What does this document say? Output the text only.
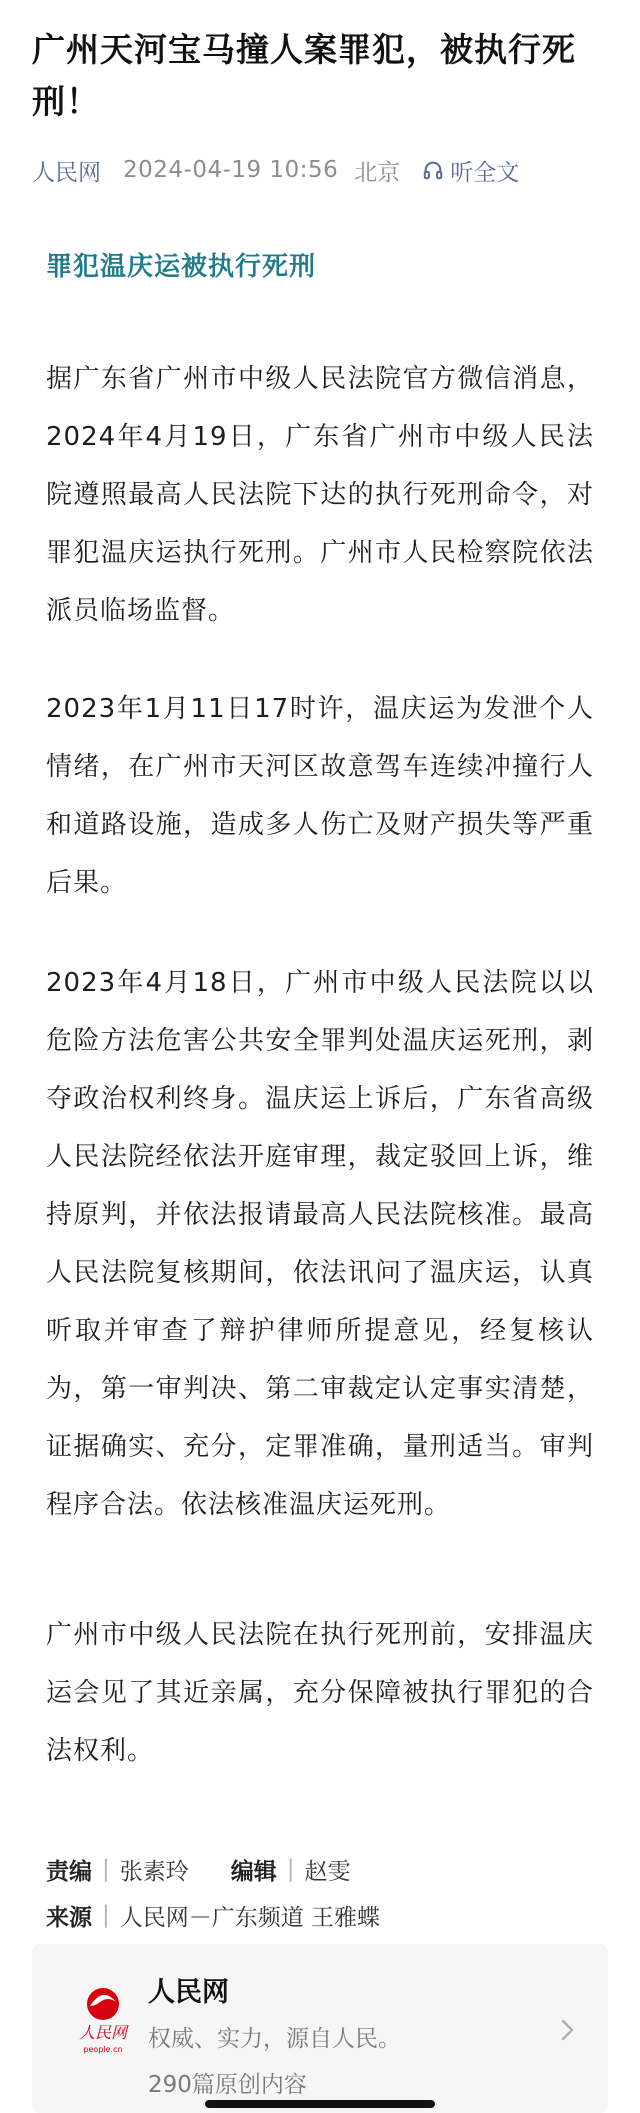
广州天河宝马撞人案罪犯，被执行死刑！
人民网 2024-04-19 10:56 北京 听全文
罪犯温庆运被执行死刑
据广东省广州市中级人民法院官方微信消息，2024年4月19日，广东省广州市中级人民法院遵照最高人民法院下达的执行死刑命令，对罪犯温庆运执行死刑。广州市人民检察院依法派员临场监督。
2023年1月11日17时许，温庆运为发泄个人情绪，在广州市天河区故意驾车连续冲撞行人和道路设施，造成多人伤亡及财产损失等严重后果。
2023年4月18日，广州市中级人民法院以以危险方法危害公共安全罪判处温庆运死刑，剥夺政治权利终身。温庆运上诉后，广东省高级人民法院经依法开庭审理，裁定驳回上诉，维持原判，并依法报请最高人民法院核准。最高人民法院复核期间，依法讯问了温庆运，认真听取并审查了辩护律师所提意见，经复核认为，第一审判决、第二审裁定认定事实清楚，证据确实、充分，定罪准确，量刑适当。审判程序合法。依法核准温庆运死刑。
广州市中级人民法院在执行死刑前，安排温庆运会见了其近亲属，充分保障被执行罪犯的合法权利。
责编 | 张素玲 编辑 | 赵雯
来源 | 人民网－广东频道 王雅蝶
人民网
people.cn
人民网
权威、实力，源自人民。
290篇原创内容
